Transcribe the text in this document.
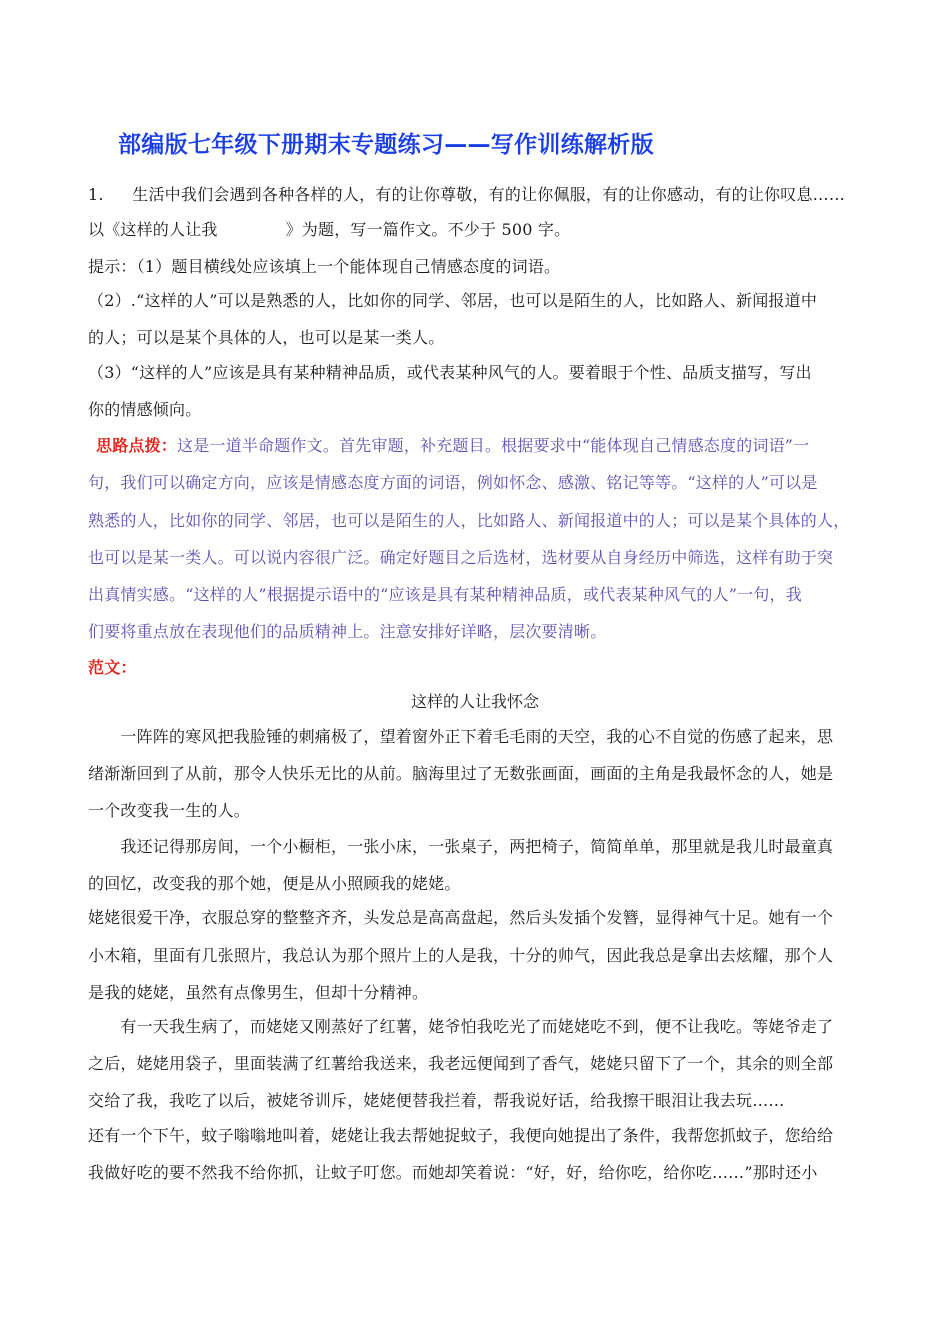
部编版七年级下册期末专题练习——写作训练解析版
1. 生活中我们会遇到各种各样的人，有的让你尊敬，有的让你佩服，有的让你感动，有的让你叹息……
以《这样的人让我	》为题，写一篇作文。不少于 500 字。
提示：（1）题目横线处应该填上一个能体现自己情感态度的词语。
（2）.“这样的人”可以是熟悉的人，比如你的同学、邻居，也可以是陌生的人，比如路人、新闻报道中
的人；可以是某个具体的人，也可以是某一类人。
（3）“这样的人”应该是具有某种精神品质，或代表某种风气的人。要着眼于个性、品质支描写，写出
你的情感倾向。
思路点拨：这是一道半命题作文。首先审题，补充题目。根据要求中“能体现自己情感态度的词语”一
句，我们可以确定方向，应该是情感态度方面的词语，例如怀念、感激、铭记等等。“这样的人”可以是
熟悉的人，比如你的同学、邻居，也可以是陌生的人，比如路人、新闻报道中的人；可以是某个具体的人，
也可以是某一类人。可以说内容很广泛。确定好题目之后选材，选材要从自身经历中筛选，这样有助于突
出真情实感。“这样的人”根据提示语中的“应该是具有某种精神品质，或代表某种风气的人”一句，我
们要将重点放在表现他们的品质精神上。注意安排好详略，层次要清晰。
范文：
这样的人让我怀念
　　一阵阵的寒风把我脸锤的刺痛极了，望着窗外正下着毛毛雨的天空，我的心不自觉的伤感了起来，思
绪渐渐回到了从前，那令人快乐无比的从前。脑海里过了无数张画面，画面的主角是我最怀念的人，她是
一个改变我一生的人。
　　我还记得那房间，一个小橱柜，一张小床，一张桌子，两把椅子，简简单单，那里就是我儿时最童真
的回忆，改变我的那个她，便是从小照顾我的姥姥。
姥姥很爱干净，衣服总穿的整整齐齐，头发总是高高盘起，然后头发插个发簪，显得神气十足。她有一个
小木箱，里面有几张照片，我总认为那个照片上的人是我，十分的帅气，因此我总是拿出去炫耀，那个人
是我的姥姥，虽然有点像男生，但却十分精神。
　　有一天我生病了，而姥姥又刚蒸好了红薯，姥爷怕我吃光了而姥姥吃不到，便不让我吃。等姥爷走了
之后，姥姥用袋子，里面装满了红薯给我送来，我老远便闻到了香气，姥姥只留下了一个，其余的则全部
交给了我，我吃了以后，被姥爷训斥，姥姥便替我拦着，帮我说好话，给我擦干眼泪让我去玩……
还有一个下午，蚊子嗡嗡地叫着，姥姥让我去帮她捉蚊子，我便向她提出了条件，我帮您抓蚊子，您给给
我做好吃的要不然我不给你抓，让蚊子叮您。而她却笑着说：“好，好，给你吃，给你吃……”那时还小
